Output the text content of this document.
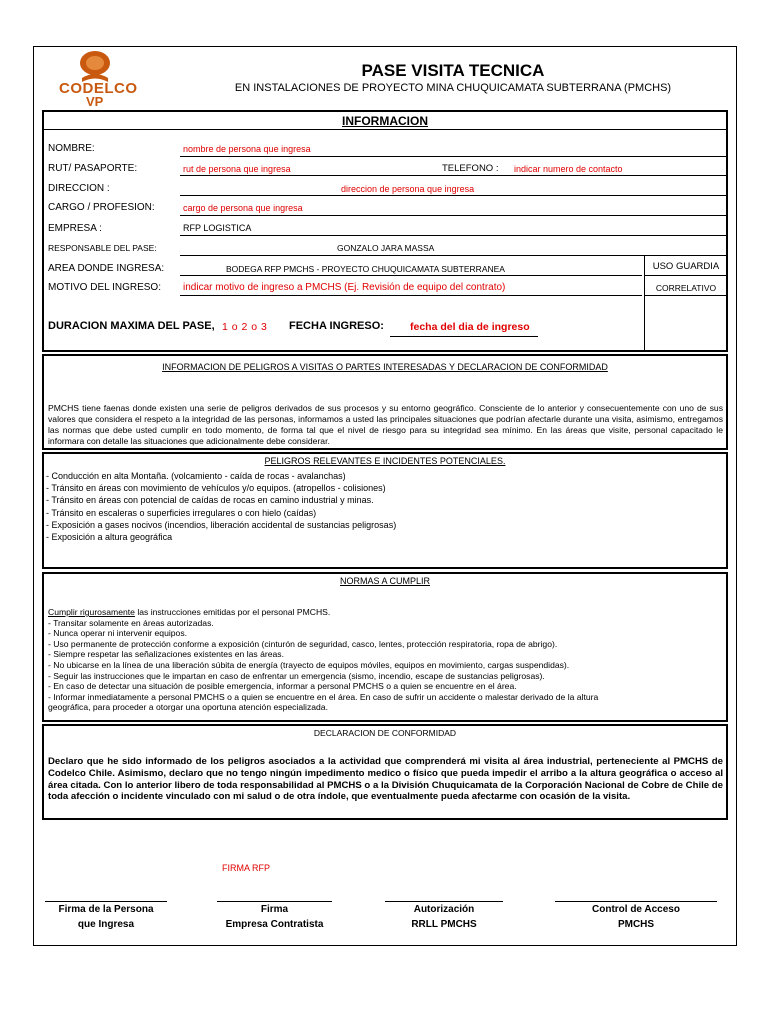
CODELCO
VP
PASE VISITA TECNICA
EN INSTALACIONES DE PROYECTO MINA CHUQUICAMATA SUBTERRANA (PMCHS)
INFORMACION
NOMBRE:	nombre de persona que ingresa
RUT/ PASAPORTE:	rut de persona que ingresa	TELEFONO : indicar numero de contacto
DIRECCION :	direccion de persona que ingresa
CARGO / PROFESION:	cargo de persona que ingresa
EMPRESA :	RFP LOGISTICA
RESPONSABLE DEL PASE:	GONZALO JARA MASSA
AREA DONDE INGRESA:	BODEGA RFP PMCHS - PROYECTO CHUQUICAMATA SUBTERRANEA
MOTIVO DEL INGRESO: indicar motivo de ingreso a PMCHS (Ej. Revisión de equipo del contrato)
USO GUARDIA
CORRELATIVO
DURACION MAXIMA DEL PASE, 1 o 2 o 3 FECHA INGRESO: fecha del dia de ingreso
INFORMACION DE PELIGROS A VISITAS O PARTES INTERESADAS Y DECLARACION DE CONFORMIDAD
PMCHS tiene faenas donde existen una serie de peligros derivados de sus procesos y su entorno geográfico. Consciente de lo anterior y consecuentemente con uno de sus valores que considera el respeto a la integridad de las personas, informamos a usted las principales situaciones que podrían afectarle durante una visita, asimismo, entregamos las normas que debe usted cumplir en todo momento, de forma tal que el nivel de riesgo para su integridad sea mínimo. En las áreas que visite, personal capacitado le informara con detalle las situaciones que adicionalmente debe considerar.
PELIGROS RELEVANTES E INCIDENTES POTENCIALES.
- Conducción en alta Montaña. (volcamiento - caída de rocas - avalanchas)
- Tránsito en áreas con movimiento de vehículos y/o equipos. (atropellos - colisiones)
- Tránsito en áreas con potencial de caídas de rocas en camino industrial y minas.
- Tránsito en escaleras o superficies irregulares o con hielo (caídas)
- Exposición a gases nocivos (incendios, liberación accidental de sustancias peligrosas)
- Exposición a altura geográfica
NORMAS A CUMPLIR
Cumplir rigurosamente las instrucciones emitidas por el personal PMCHS.
- Transitar solamente en áreas autorizadas.
- Nunca operar ni intervenir equipos.
- Uso permanente de protección conforme a exposición (cinturón de seguridad, casco, lentes, protección respiratoria, ropa de abrigo).
- Siempre respetar las señalizaciones existentes en las áreas.
- No ubicarse en la línea de una liberación súbita de energía (trayecto de equipos móviles, equipos en movimiento, cargas suspendidas).
- Seguir las instrucciones que le impartan en caso de enfrentar un emergencia (sismo, incendio, escape de sustancias peligrosas).
- En caso de detectar una situación de posible emergencia, informar a personal PMCHS o a quien se encuentre en el área.
- Informar inmediatamente a personal PMCHS o a quien se encuentre en el área. En caso de sufrir un accidente o malestar derivado de la altura
geográfica, para proceder a otorgar una oportuna atención especializada.
DECLARACION DE CONFORMIDAD
Declaro que he sido informado de los peligros asociados a la actividad que comprenderá mi visita al área industrial, perteneciente al PMCHS de Codelco Chile. Asimismo, declaro que no tengo ningún impedimento medico o físico que pueda impedir el arribo a la altura geográfica o acceso al área citada. Con lo anterior libero de toda responsabilidad al PMCHS o a la División Chuquicamata de la Corporación Nacional de Cobre de Chile de toda afección o incidente vinculado con mi salud o de otra índole, que eventualmente pueda afectarme con ocasión de la visita.
FIRMA RFP
Firma de la Persona
que Ingresa
Firma
Empresa Contratista
Autorización
RRLL PMCHS
Control de Acceso
PMCHS
